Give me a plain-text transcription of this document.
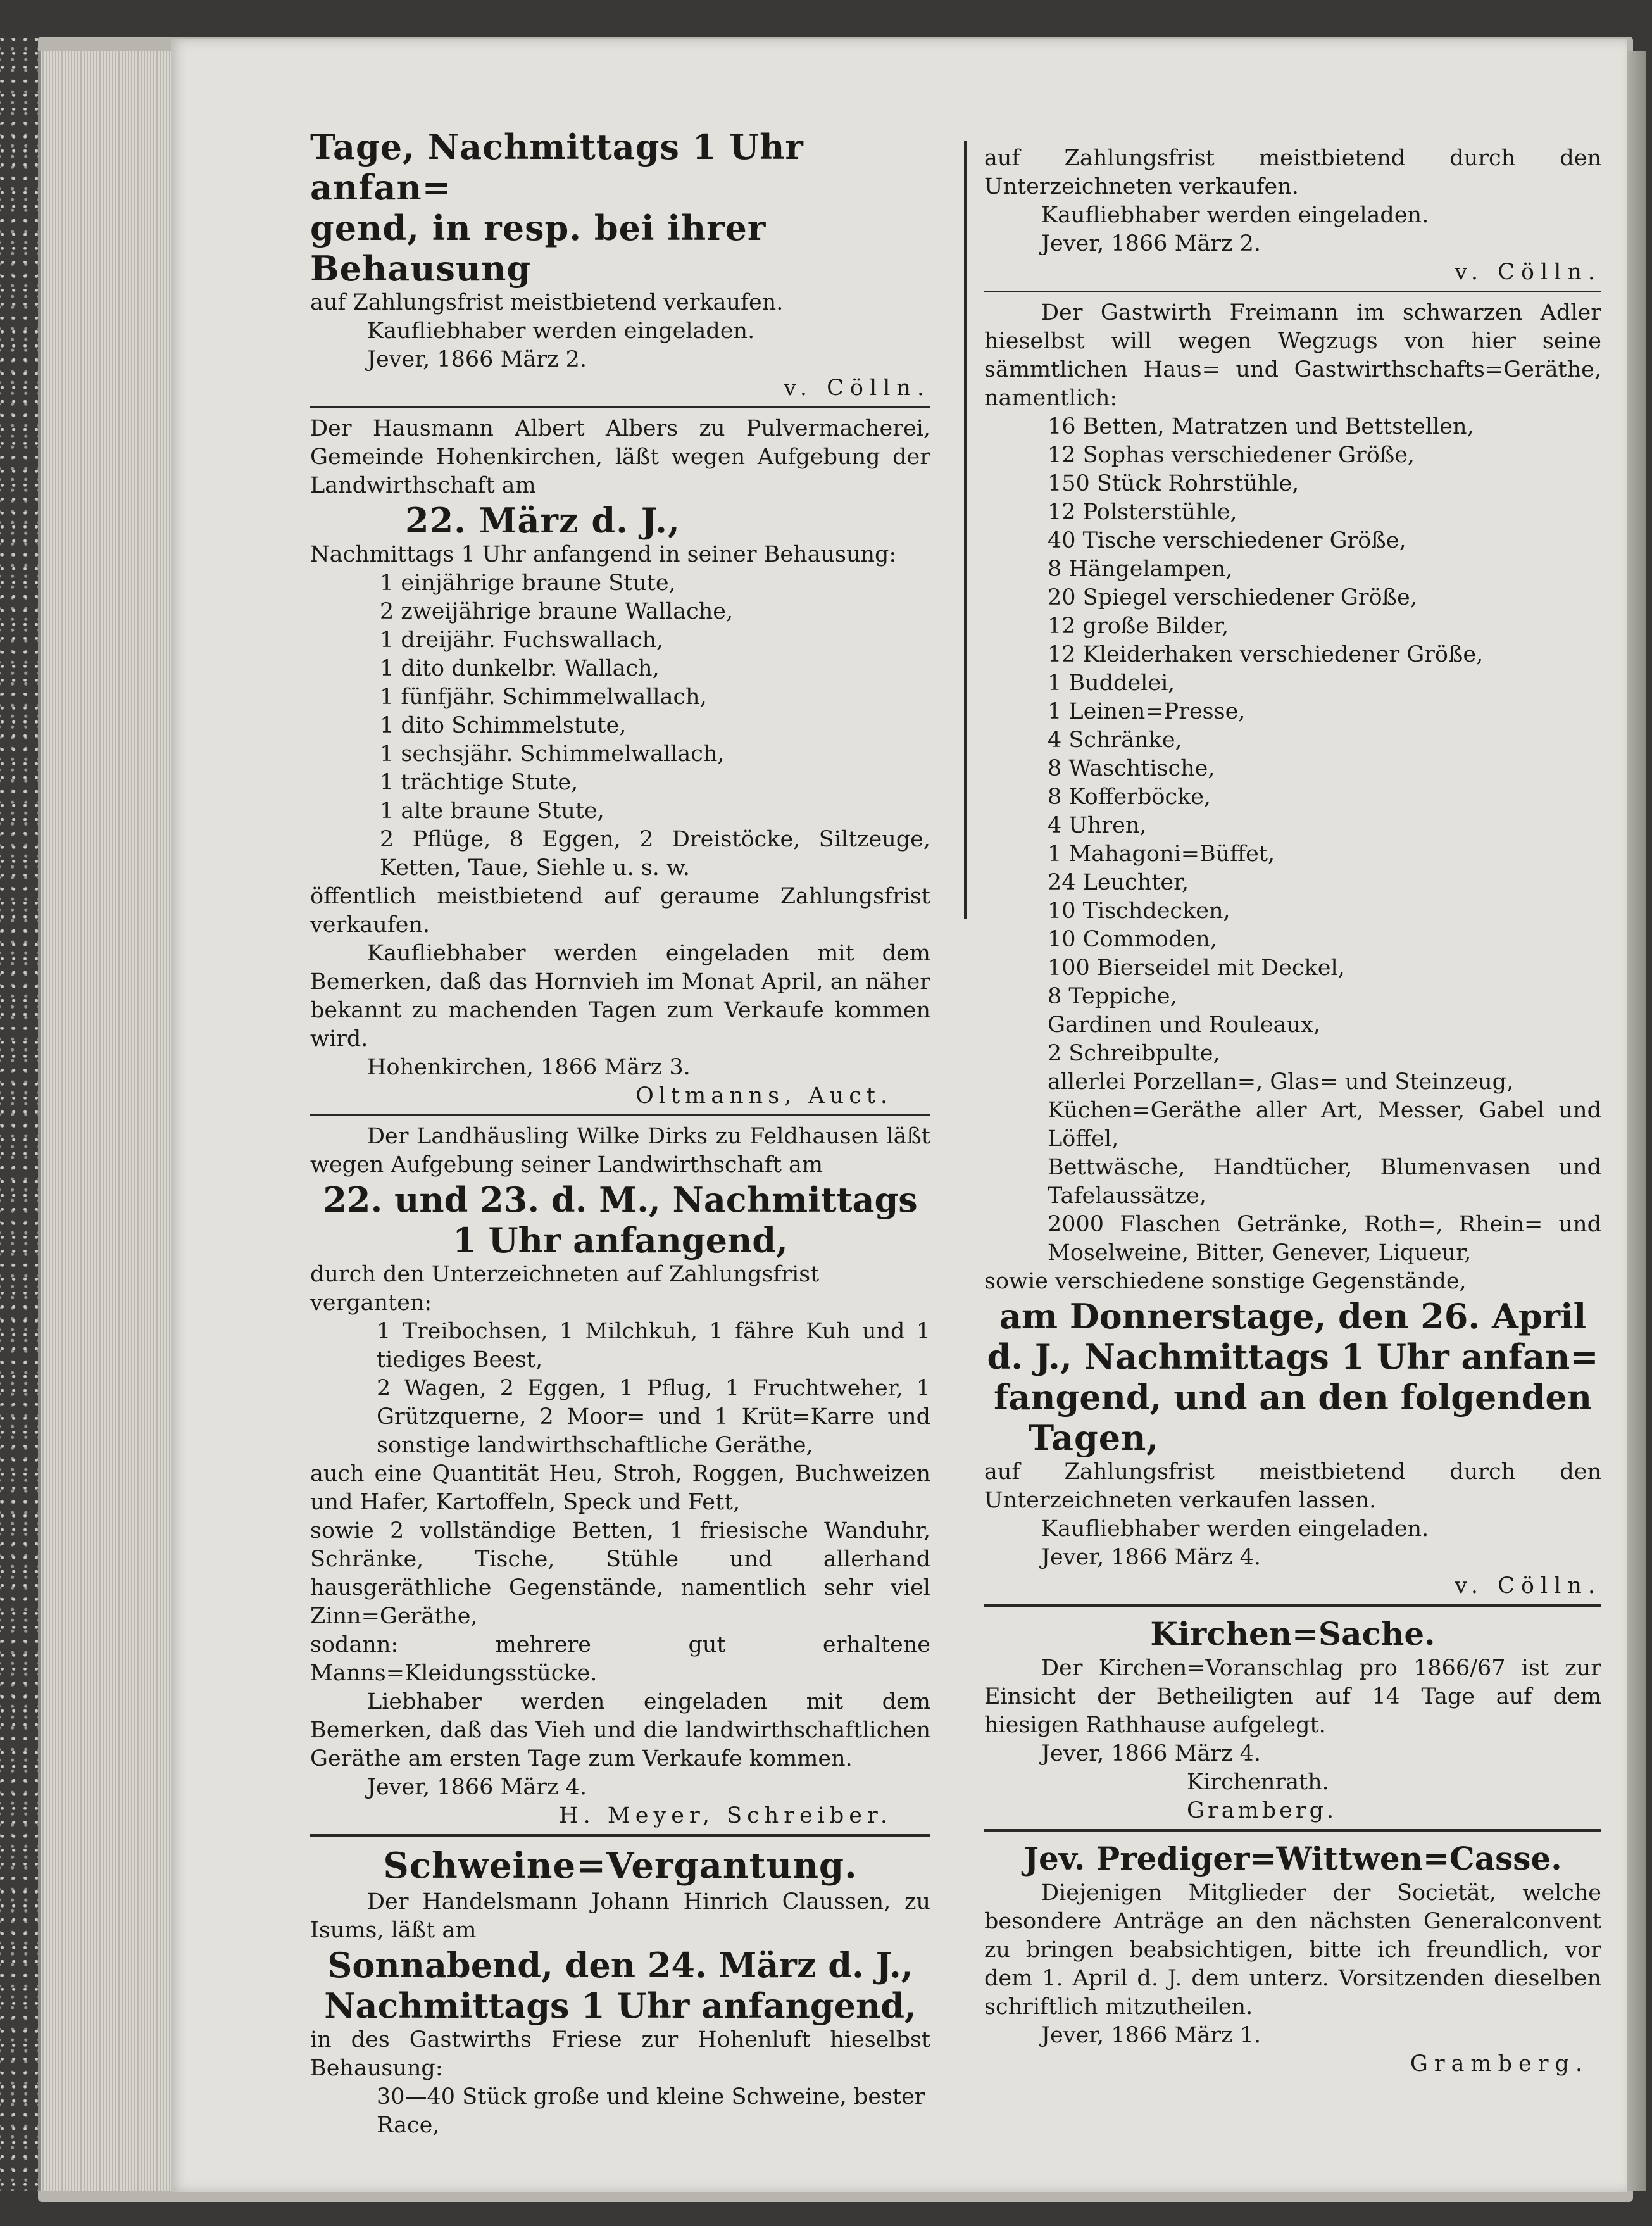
Tage, Nachmittags 1 Uhr anfan=
gend, in resp. bei ihrer Behausung
auf Zahlungsfrist meistbietend verkaufen.
Kaufliebhaber werden eingeladen.
Jever, 1866 März 2.
v. Cölln.
Der Hausmann Albert Albers zu Pulvermacherei, Gemeinde Hohenkirchen, läßt wegen Aufgebung der Landwirthschaft am
22. März d. J.,
Nachmittags 1 Uhr anfangend in seiner Behausung:
1 einjährige braune Stute,
2 zweijährige braune Wallache,
1 dreijähr. Fuchswallach,
1 dito dunkelbr. Wallach,
1 fünfjähr. Schimmelwallach,
1 dito Schimmelstute,
1 sechsjähr. Schimmelwallach,
1 trächtige Stute,
1 alte braune Stute,
2 Pflüge, 8 Eggen, 2 Dreistöcke, Siltzeuge, Ketten, Taue, Siehle u. s. w.
öffentlich meistbietend auf geraume Zahlungsfrist verkaufen.
Kaufliebhaber werden eingeladen mit dem Bemerken, daß das Hornvieh im Monat April, an näher bekannt zu machenden Tagen zum Verkaufe kommen wird.
Hohenkirchen, 1866 März 3.
Oltmanns, Auct.
Der Landhäusling Wilke Dirks zu Feldhausen läßt wegen Aufgebung seiner Landwirthschaft am
22. und 23. d. M., Nachmittags
1 Uhr anfangend,
durch den Unterzeichneten auf Zahlungsfrist verganten:
1 Treibochsen, 1 Milchkuh, 1 fähre Kuh und 1 tiediges Beest,
2 Wagen, 2 Eggen, 1 Pflug, 1 Fruchtweher, 1 Grützquerne, 2 Moor= und 1 Krüt=Karre und sonstige landwirthschaftliche Geräthe,
auch eine Quantität Heu, Stroh, Roggen, Buchweizen und Hafer, Kartoffeln, Speck und Fett,
sowie 2 vollständige Betten, 1 friesische Wanduhr, Schränke, Tische, Stühle und allerhand hausgeräthliche Gegenstände, namentlich sehr viel Zinn=Geräthe,
sodann: mehrere gut erhaltene Manns=Kleidungsstücke.
Liebhaber werden eingeladen mit dem Bemerken, daß das Vieh und die landwirthschaftlichen Geräthe am ersten Tage zum Verkaufe kommen.
Jever, 1866 März 4.
H. Meyer, Schreiber.
Schweine=Vergantung.
Der Handelsmann Johann Hinrich Claussen, zu Isums, läßt am
Sonnabend, den 24. März d. J.,
Nachmittags 1 Uhr anfangend,
in des Gastwirths Friese zur Hohenluft hieselbst Behausung:
30—40 Stück große und kleine Schweine, bester Race,
auf Zahlungsfrist meistbietend durch den Unterzeichneten verkaufen.
Kaufliebhaber werden eingeladen.
Jever, 1866 März 2.
v. Cölln.
Der Gastwirth Freimann im schwarzen Adler hieselbst will wegen Wegzugs von hier seine sämmtlichen Haus= und Gastwirthschafts=Geräthe, namentlich:
16 Betten, Matratzen und Bettstellen,
12 Sophas verschiedener Größe,
150 Stück Rohrstühle,
12 Polsterstühle,
40 Tische verschiedener Größe,
8 Hängelampen,
20 Spiegel verschiedener Größe,
12 große Bilder,
12 Kleiderhaken verschiedener Größe,
1 Buddelei,
1 Leinen=Presse,
4 Schränke,
8 Waschtische,
8 Kofferböcke,
4 Uhren,
1 Mahagoni=Büffet,
24 Leuchter,
10 Tischdecken,
10 Commoden,
100 Bierseidel mit Deckel,
8 Teppiche,
Gardinen und Rouleaux,
2 Schreibpulte,
allerlei Porzellan=, Glas= und Steinzeug,
Küchen=Geräthe aller Art, Messer, Gabel und Löffel,
Bettwäsche, Handtücher, Blumenvasen und Tafelaussätze,
2000 Flaschen Getränke, Roth=, Rhein= und Moselweine, Bitter, Genever, Liqueur,
sowie verschiedene sonstige Gegenstände,
am Donnerstage, den 26. April
d. J., Nachmittags 1 Uhr anfan=
fangend, und an den folgenden
Tagen,
auf Zahlungsfrist meistbietend durch den Unterzeichneten verkaufen lassen.
Kaufliebhaber werden eingeladen.
Jever, 1866 März 4.
v. Cölln.
Kirchen=Sache.
Der Kirchen=Voranschlag pro 1866/67 ist zur Einsicht der Betheiligten auf 14 Tage auf dem hiesigen Rathhause aufgelegt.
Jever, 1866 März 4.
Kirchenrath.
Gramberg.
Jev. Prediger=Wittwen=Casse.
Diejenigen Mitglieder der Societät, welche besondere Anträge an den nächsten Generalconvent zu bringen beabsichtigen, bitte ich freundlich, vor dem 1. April d. J. dem unterz. Vorsitzenden dieselben schriftlich mitzutheilen.
Jever, 1866 März 1.
Gramberg.
